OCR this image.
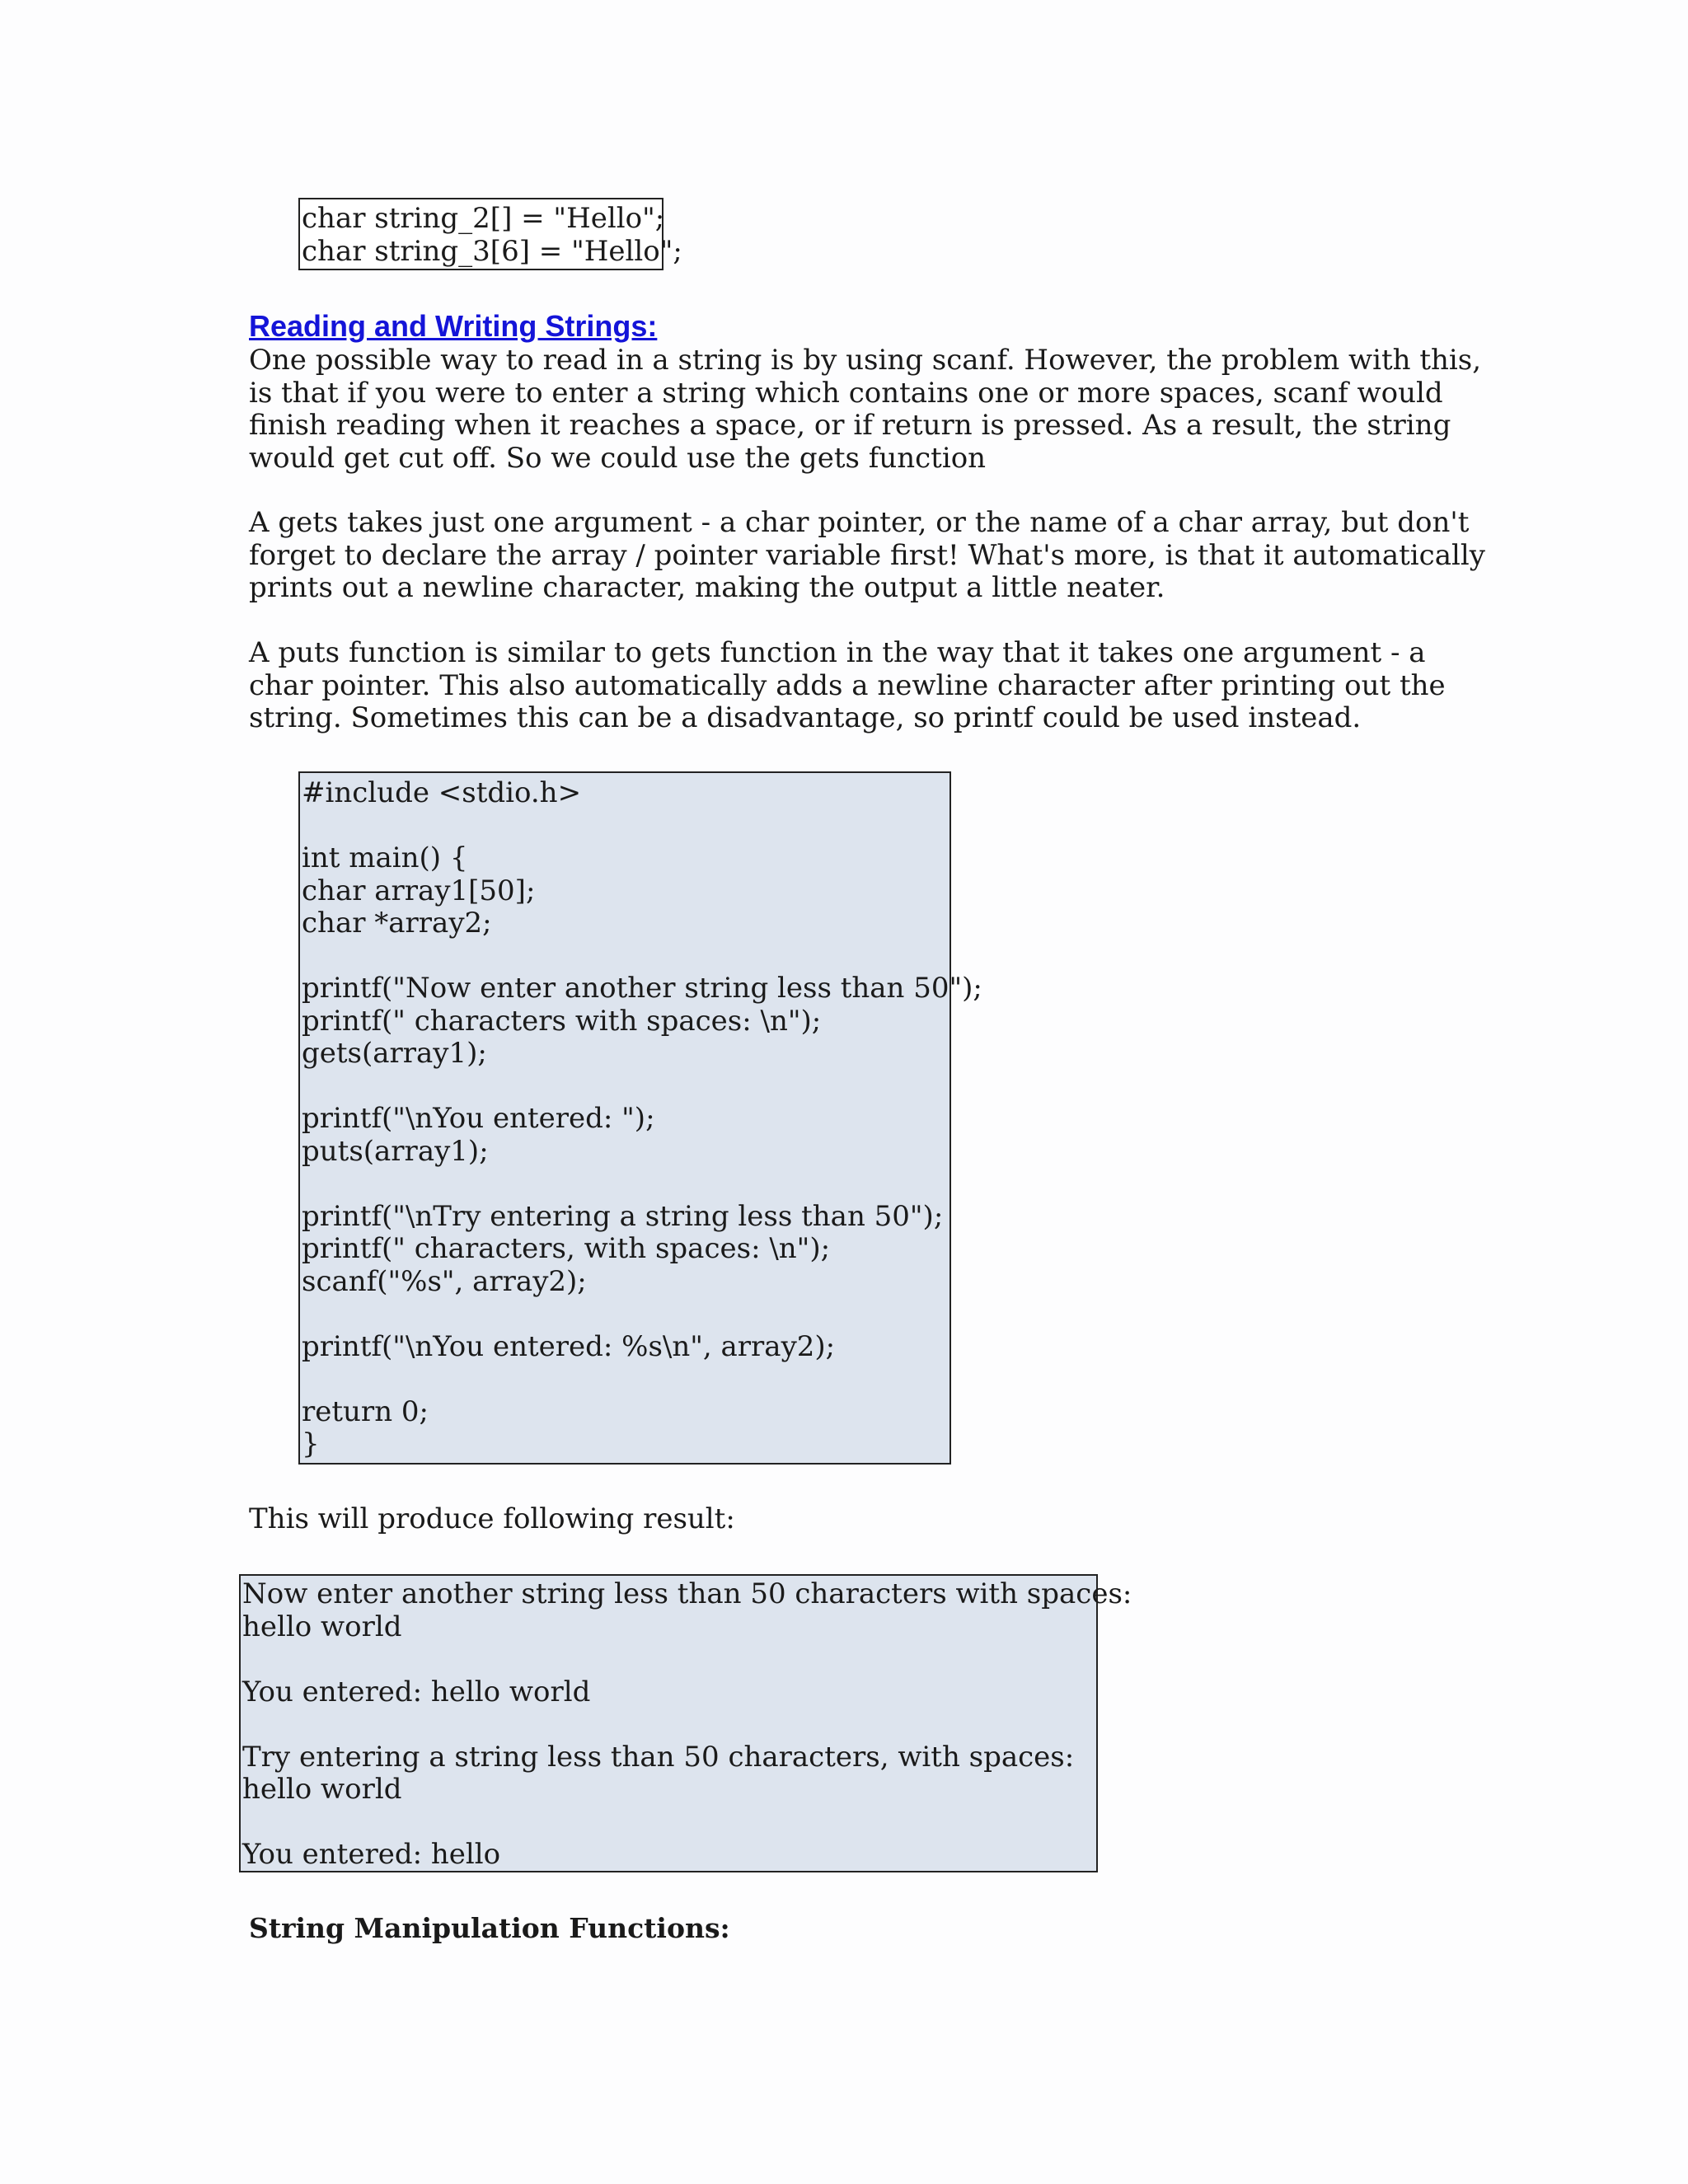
char string_2[] = "Hello";
char string_3[6] = "Hello";
Reading and Writing Strings:
One possible way to read in a string is by using scanf. However, the problem with this,
is that if you were to enter a string which contains one or more spaces, scanf would
finish reading when it reaches a space, or if return is pressed. As a result, the string
would get cut off. So we could use the gets function
A gets takes just one argument - a char pointer, or the name of a char array, but don't
forget to declare the array / pointer variable first! What's more, is that it automatically
prints out a newline character, making the output a little neater.
A puts function is similar to gets function in the way that it takes one argument - a
char pointer. This also automatically adds a newline character after printing out the
string. Sometimes this can be a disadvantage, so printf could be used instead.
#include <stdio.h>
int main() {
char array1[50];
char *array2;
printf("Now enter another string less than 50");
printf(" characters with spaces: \n");
gets(array1);
printf("\nYou entered: ");
puts(array1);
printf("\nTry entering a string less than 50");
printf(" characters, with spaces: \n");
scanf("%s", array2);
printf("\nYou entered: %s\n", array2);
return 0;
}
This will produce following result:
Now enter another string less than 50 characters with spaces:
hello world
You entered: hello world
Try entering a string less than 50 characters, with spaces:
hello world
You entered: hello
String Manipulation Functions:
